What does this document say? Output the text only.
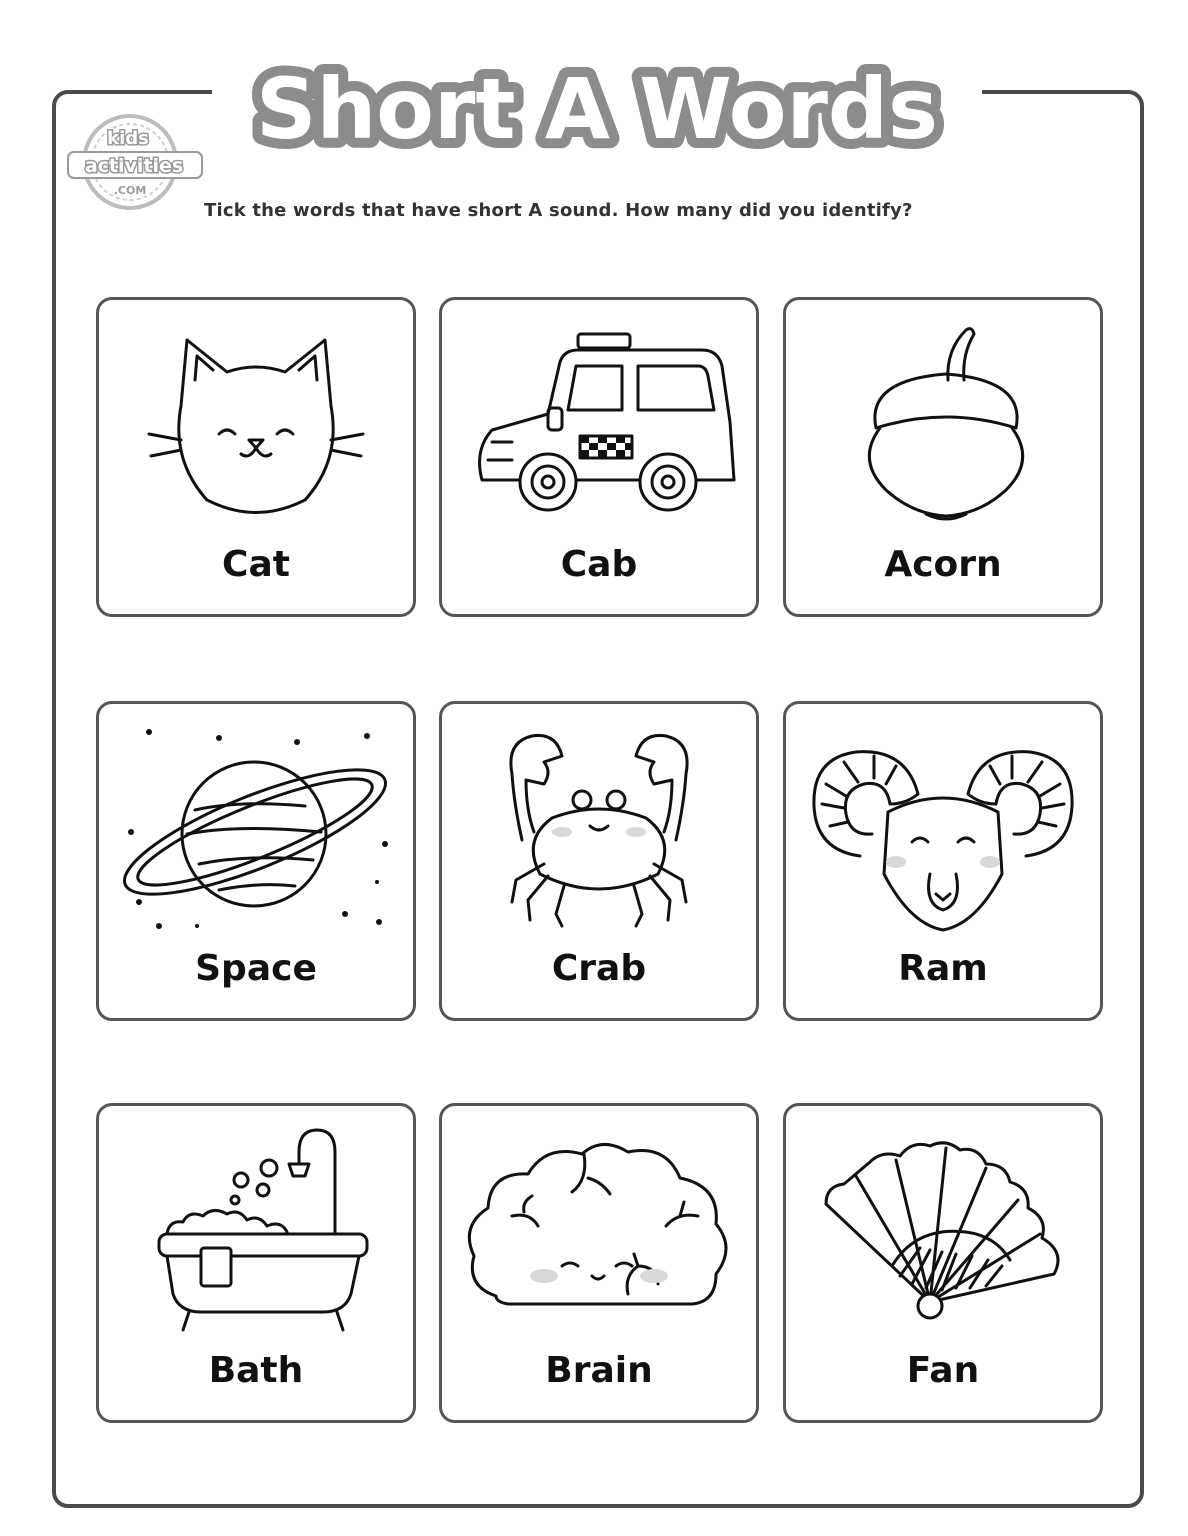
Short A Words
kids
activities
.COM
Tick the words that have short A sound. How many did you identify?
Cat	Cab	Acorn
Space	Crab	Ram
Bath	Brain	Fan
